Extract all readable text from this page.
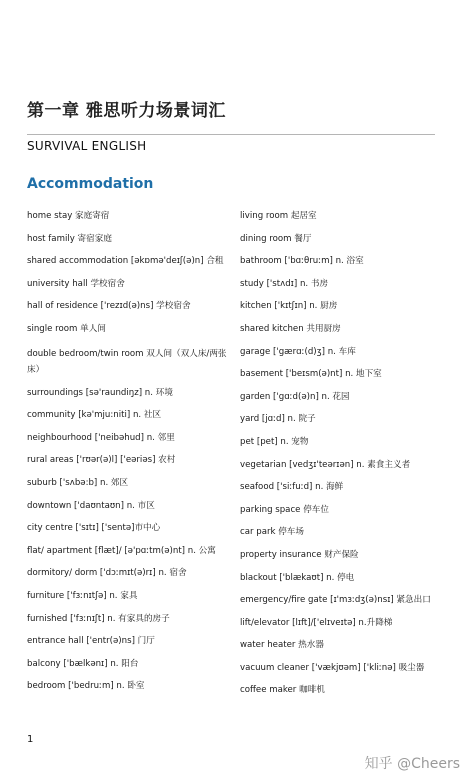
第一章 雅思听力场景词汇
SURVIVAL ENGLISH
Accommodation
home stay 家庭寄宿
host family 寄宿家庭
shared accommodation [əkɒmə'deɪʃ(ə)n] 合租
university hall 学校宿舍
hall of residence ['rezɪd(ə)ns] 学校宿舍
single room 单人间
double bedroom/twin room 双人间（双人床/两张床）
surroundings [sə'raundiŋz] n. 环境
community [kə'mju:niti] n. 社区
neighbourhood ['neibəhud] n. 邻里
rural areas ['rʊər(ə)l] ['eəriəs] 农村
suburb ['sʌbə:b] n. 郊区
downtown ['daʊntaʊn] n. 市区
city centre ['sɪtɪ] ['sentə]市中心
flat/ apartment [flæt]/ [ə'pɑːtm(ə)nt] n. 公寓
dormitory/ dorm ['dɔːmɪt(ə)rɪ] n. 宿舍
furniture ['fɜːnɪtʃə] n. 家具
furnished ['fɜːnɪʃt] n. 有家具的房子
entrance hall ['entr(ə)ns] 门厅
balcony ['bælkənɪ] n. 阳台
bedroom ['bedruːm] n. 卧室
living room 起居室
dining room 餐厅
bathroom ['bɑːθruːm] n. 浴室
study ['stʌdɪ] n. 书房
kitchen ['kɪtʃɪn] n. 厨房
shared kitchen 共用厨房
garage ['gærɑː(d)ʒ] n. 车库
basement ['beɪsm(ə)nt] n. 地下室
garden ['gɑːd(ə)n] n. 花园
yard [jɑːd] n. 院子
pet [pet] n. 宠物
vegetarian [vedʒɪ'teərɪən] n. 素食主义者
seafood ['siːfuːd] n. 海鲜
parking space 停车位
car park 停车场
property insurance 财产保险
blackout ['blækaʊt] n. 停电
emergency/fire gate [ɪ'mɜːdʒ(ə)nsɪ] 紧急出口
lift/elevator [lɪft]/['elɪveɪtə] n.升降梯
water heater 热水器
vacuum cleaner ['vækjʊəm] ['kliːnə] 吸尘器
coffee maker 咖啡机
1
知乎 @Cheers
